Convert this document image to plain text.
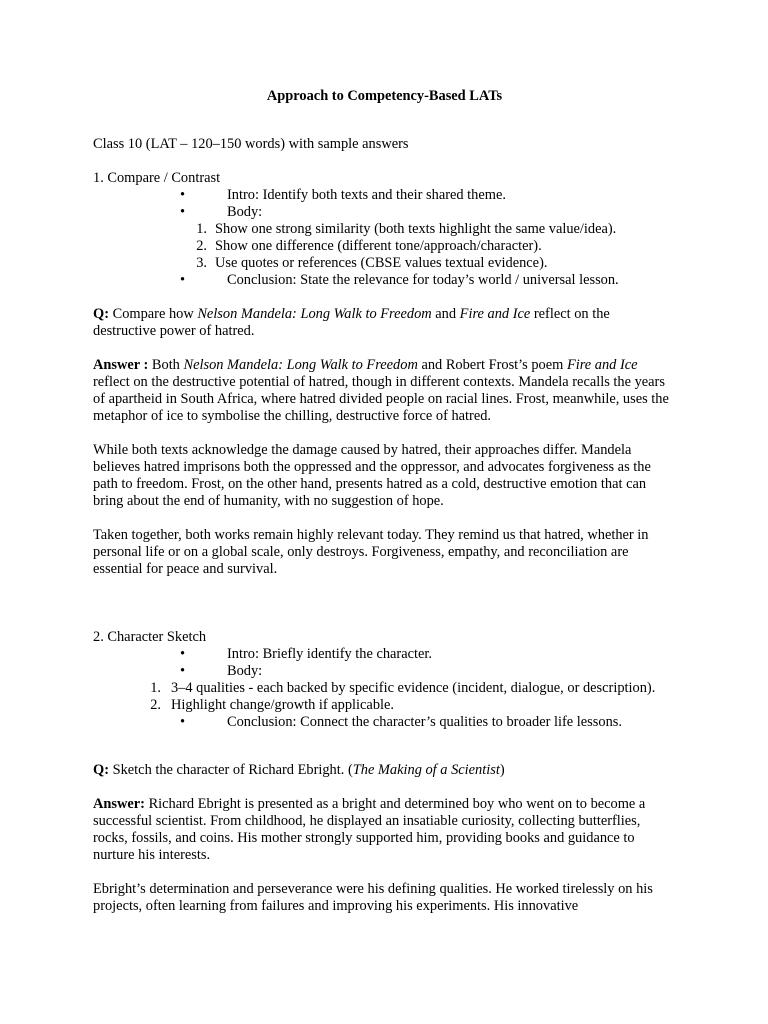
Approach to Competency-Based LATs

Class 10 (LAT – 120–150 words) with sample answers

1. Compare / Contrast

•	Intro: Identify both texts and their shared theme.
•	Body:
1. Show one strong similarity (both texts highlight the same value/idea).
2. Show one difference (different tone/approach/character).
3. Use quotes or references (CBSE values textual evidence).
•	Conclusion: State the relevance for today’s world / universal lesson.

Q: Compare how Nelson Mandela: Long Walk to Freedom and Fire and Ice reflect on the destructive power of hatred.

Answer : Both Nelson Mandela: Long Walk to Freedom and Robert Frost’s poem Fire and Ice reflect on the destructive potential of hatred, though in different contexts. Mandela recalls the years of apartheid in South Africa, where hatred divided people on racial lines. Frost, meanwhile, uses the metaphor of ice to symbolise the chilling, destructive force of hatred.

While both texts acknowledge the damage caused by hatred, their approaches differ. Mandela believes hatred imprisons both the oppressed and the oppressor, and advocates forgiveness as the path to freedom. Frost, on the other hand, presents hatred as a cold, destructive emotion that can bring about the end of humanity, with no suggestion of hope.

Taken together, both works remain highly relevant today. They remind us that hatred, whether in personal life or on a global scale, only destroys. Forgiveness, empathy, and reconciliation are essential for peace and survival.

2. Character Sketch

•	Intro: Briefly identify the character.
•	Body:
1. 3–4 qualities - each backed by specific evidence (incident, dialogue, or description).
2. Highlight change/growth if applicable.
•	Conclusion: Connect the character’s qualities to broader life lessons.

Q: Sketch the character of Richard Ebright. (The Making of a Scientist)

Answer: Richard Ebright is presented as a bright and determined boy who went on to become a successful scientist. From childhood, he displayed an insatiable curiosity, collecting butterflies, rocks, fossils, and coins. His mother strongly supported him, providing books and guidance to nurture his interests.

Ebright’s determination and perseverance were his defining qualities. He worked tirelessly on his projects, often learning from failures and improving his experiments. His innovative
